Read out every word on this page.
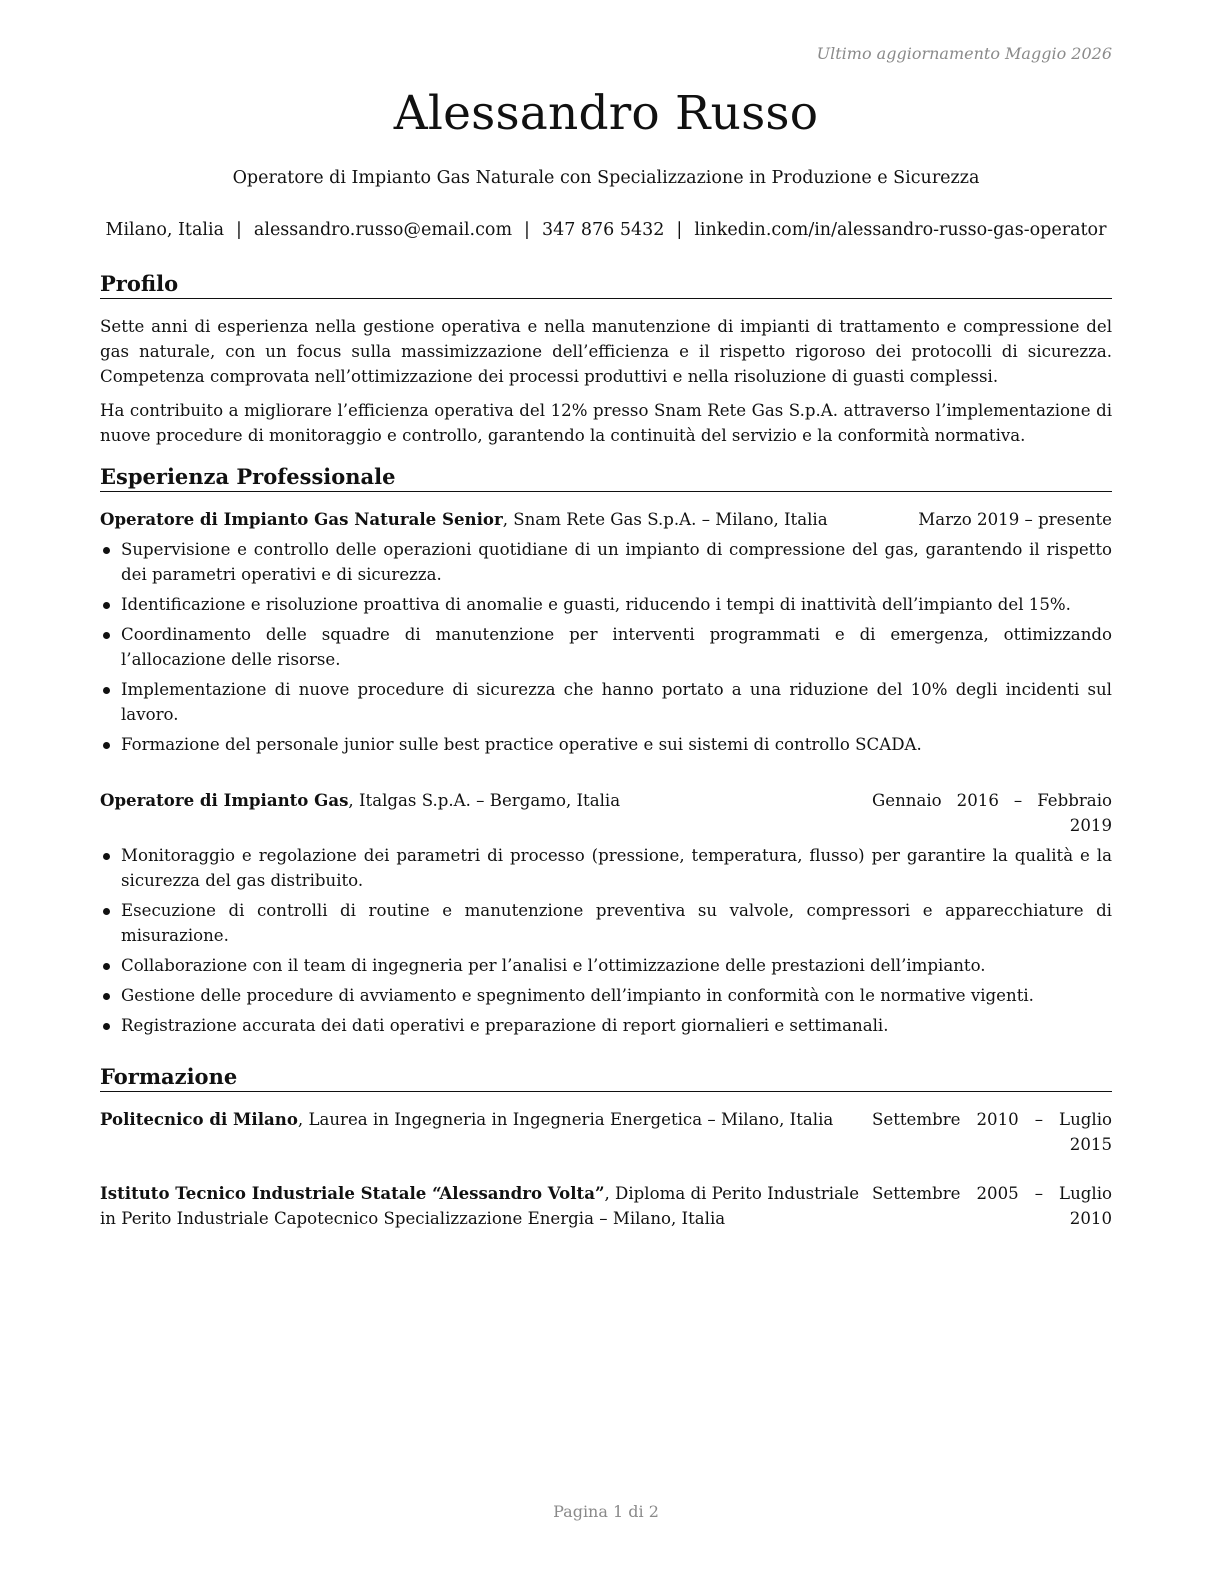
Ultimo aggiornamento Maggio 2026
Alessandro Russo
Operatore di Impianto Gas Naturale con Specializzazione in Produzione e Sicurezza
Milano, Italia | alessandro.russo@email.com | 347 876 5432 | linkedin.com/in/alessandro-russo-gas-operator
Profilo
Sette anni di esperienza nella gestione operativa e nella manutenzione di impianti di trattamento e compressione del gas naturale, con un focus sulla massimizzazione dell’efficienza e il rispetto rigoroso dei protocolli di sicurezza. Competenza comprovata nell’ottimizzazione dei processi produttivi e nella risoluzione di guasti complessi.
Ha contribuito a migliorare l’efficienza operativa del 12% presso Snam Rete Gas S.p.A. attraverso l’implementazione di nuove procedure di monitoraggio e controllo, garantendo la continuità del servizio e la conformità normativa.
Esperienza Professionale
Operatore di Impianto Gas Naturale Senior, Snam Rete Gas S.p.A. – Milano, Italia	Marzo 2019 – presente
Supervisione e controllo delle operazioni quotidiane di un impianto di compressione del gas, garantendo il rispetto dei parametri operativi e di sicurezza.
Identificazione e risoluzione proattiva di anomalie e guasti, riducendo i tempi di inattività dell’impianto del 15%.
Coordinamento delle squadre di manutenzione per interventi programmati e di emergenza, ottimizzando l’allocazione delle risorse.
Implementazione di nuove procedure di sicurezza che hanno portato a una riduzione del 10% degli incidenti sul lavoro.
Formazione del personale junior sulle best practice operative e sui sistemi di controllo SCADA.
Operatore di Impianto Gas, Italgas S.p.A. – Bergamo, Italia	Gennaio 2016 – Febbraio 2019
Monitoraggio e regolazione dei parametri di processo (pressione, temperatura, flusso) per garantire la qualità e la sicurezza del gas distribuito.
Esecuzione di controlli di routine e manutenzione preventiva su valvole, compressori e apparecchiature di misurazione.
Collaborazione con il team di ingegneria per l’analisi e l’ottimizzazione delle prestazioni dell’impianto.
Gestione delle procedure di avviamento e spegnimento dell’impianto in conformità con le normative vigenti.
Registrazione accurata dei dati operativi e preparazione di report giornalieri e settimanali.
Formazione
Politecnico di Milano, Laurea in Ingegneria in Ingegneria Energetica – Milano, Italia Settembre 2010 – Luglio 2015
Istituto Tecnico Industriale Statale “Alessandro Volta”, Diploma di Perito Industriale in Perito Industriale Capotecnico Specializzazione Energia – Milano, Italia
Settembre 2005 – Luglio 2010
Pagina 1 di 2
